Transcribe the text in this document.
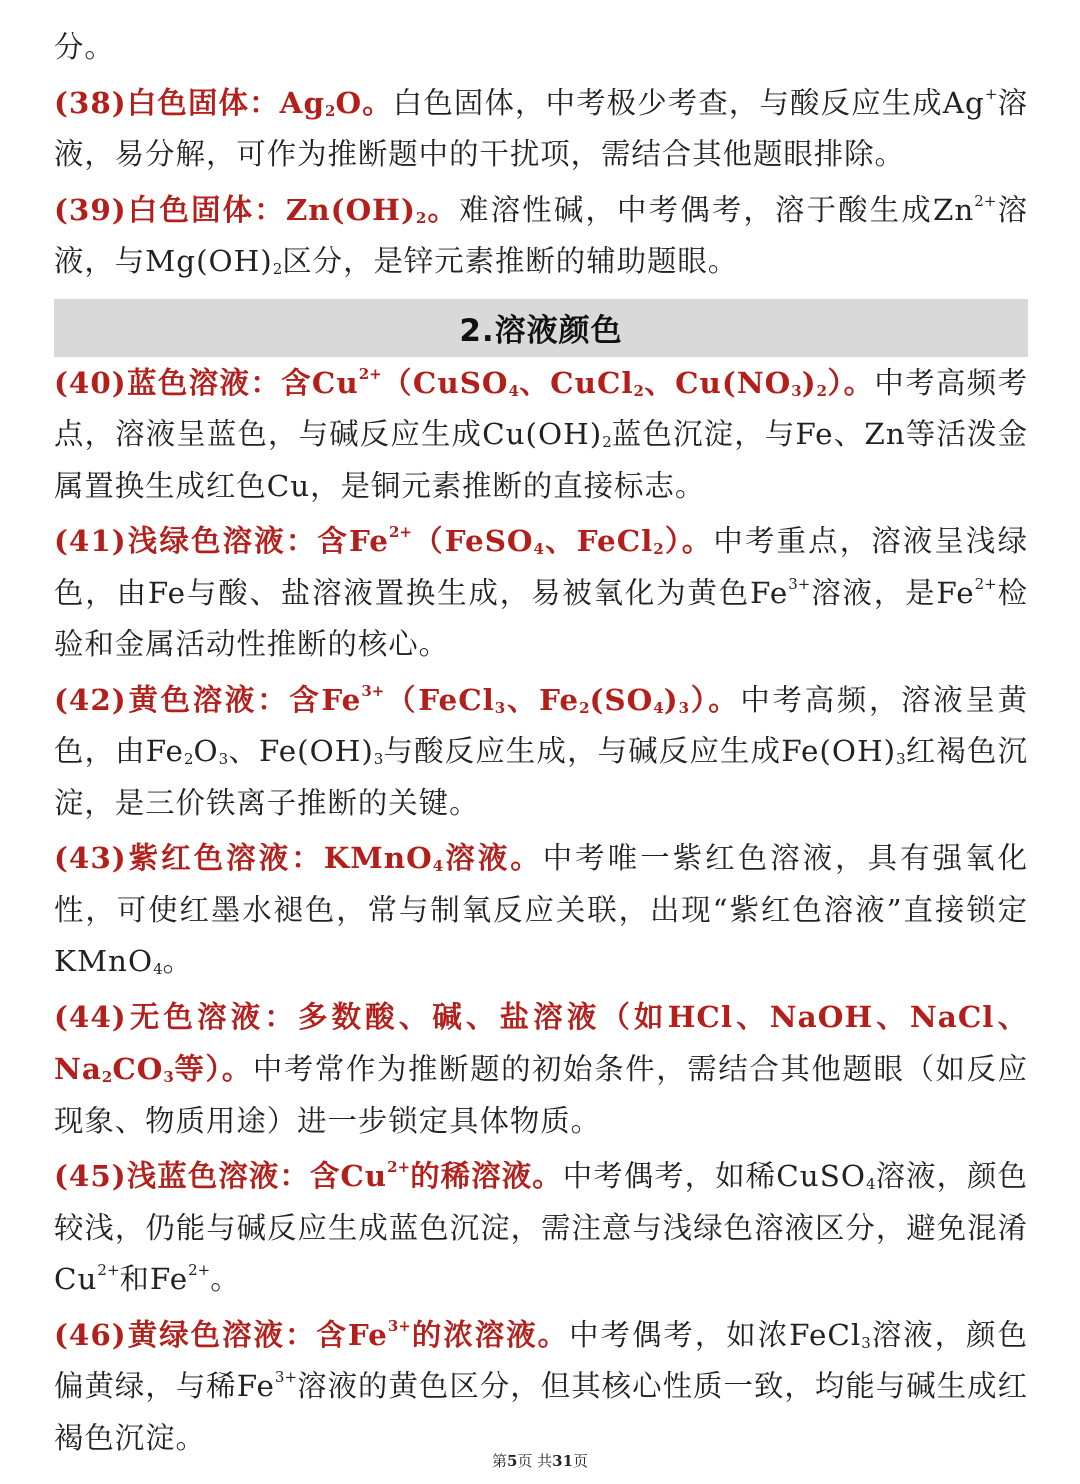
分。

(38)白色固体：$Ag_2O$。白色固体，中考极少考查，与酸反应生成Ag+溶液，易分解，可作为推断题中的干扰项，需结合其他题眼排除。

(39)白色固体：$Zn(OH)_2$。难溶性碱，中考偶考，溶于酸生成$Zn^{2+}$溶液，与$Mg(OH)_2$区分，是锌元素推断的辅助题眼。

2.溶液颜色

(40)蓝色溶液：含$Cu^{2+}(CuSO_4$、CuCl$_2$、$Cu(NO_3)_2$）。中考高频考点，溶液呈蓝色，与碱反应生成$Cu(OH)_2$蓝色沉淀，与Fe、Zn等活泼金属置换生成红色Cu，是铜元素推断的直接标志。

(41)浅绿色溶液：含$Fe^{2+}(FeSO_4$、FeCl$_2$）。中考重点，溶液呈浅绿色，由Fe与酸、盐溶液置换生成，易被氧化为黄色$Fe^{3+}$溶液，是$Fe^{2+}$检验和金属活动性推断的核心。

(42)黄色溶液：含$Fe^{3+}(FeCl_3$、$Fe_2(SO_4)_3$）。中考高频，溶液呈黄色，由$Fe_2O_3$、$Fe(OH)_3$与酸反应生成，与碱反应生成$Fe(OH)_3$红褐色沉淀，是三价铁离子推断的关键。

(43)紫红色溶液：KMnO$_4$溶液。中考唯一紫红色溶液，具有强氧化性，可使红墨水褪色，常与制氧反应关联，出现“紫红色溶液”直接锁定KMnO$_4$。

(44)无色溶液：多数酸、碱、盐溶液（如HCl、NaOH、NaCl、$Na_2CO_3$等）。中考常作为推断题的初始条件，需结合其他题眼（如反应现象、物质用途）进一步锁定具体物质。

(45)浅蓝色溶液：含$Cu^{2+}$的稀溶液。中考偶考，如稀CuSO$_4$溶液，颜色较浅，仍能与碱反应生成蓝色沉淀，需注意与浅绿色溶液区分，避免混淆$Cu^{2+}$和$Fe^{2+}$。

(46)黄绿色溶液：含$Fe^{3+}$的浓溶液。中考偶考，如浓FeCl$_3$溶液，颜色偏黄绿，与稀$Fe^{3+}$溶液的黄色区分，但其核心性质一致，均能与碱生成红褐色沉淀。

第5页 共31页
